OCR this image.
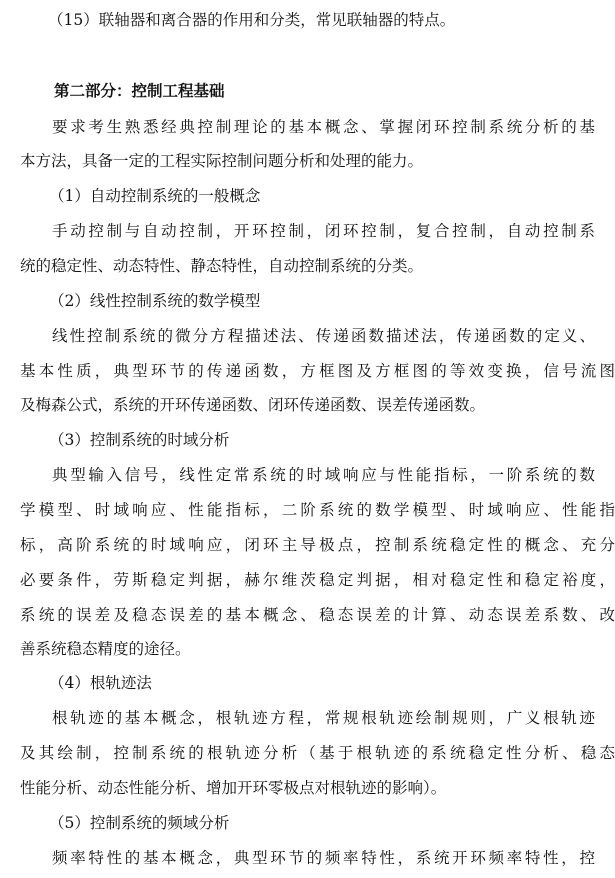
（15）联轴器和离合器的作用和分类，常见联轴器的特点。
第二部分：控制工程基础
要求考生熟悉经典控制理论的基本概念、掌握闭环控制系统分析的基
本方法，具备一定的工程实际控制问题分析和处理的能力。
（1）自动控制系统的一般概念
手动控制与自动控制，开环控制，闭环控制，复合控制，自动控制系
统的稳定性、动态特性、静态特性，自动控制系统的分类。
（2）线性控制系统的数学模型
线性控制系统的微分方程描述法、传递函数描述法，传递函数的定义、
基本性质，典型环节的传递函数，方框图及方框图的等效变换，信号流图
及梅森公式，系统的开环传递函数、闭环传递函数、误差传递函数。
（3）控制系统的时域分析
典型输入信号，线性定常系统的时域响应与性能指标，一阶系统的数
学模型、时域响应、性能指标，二阶系统的数学模型、时域响应、性能指
标，高阶系统的时域响应，闭环主导极点，控制系统稳定性的概念、充分
必要条件，劳斯稳定判据，赫尔维茨稳定判据，相对稳定性和稳定裕度，
系统的误差及稳态误差的基本概念、稳态误差的计算、动态误差系数、改
善系统稳态精度的途径。
（4）根轨迹法
根轨迹的基本概念，根轨迹方程，常规根轨迹绘制规则，广义根轨迹
及其绘制，控制系统的根轨迹分析（基于根轨迹的系统稳定性分析、稳态
性能分析、动态性能分析、增加开环零极点对根轨迹的影响）。
（5）控制系统的频域分析
频率特性的基本概念，典型环节的频率特性，系统开环频率特性，控
